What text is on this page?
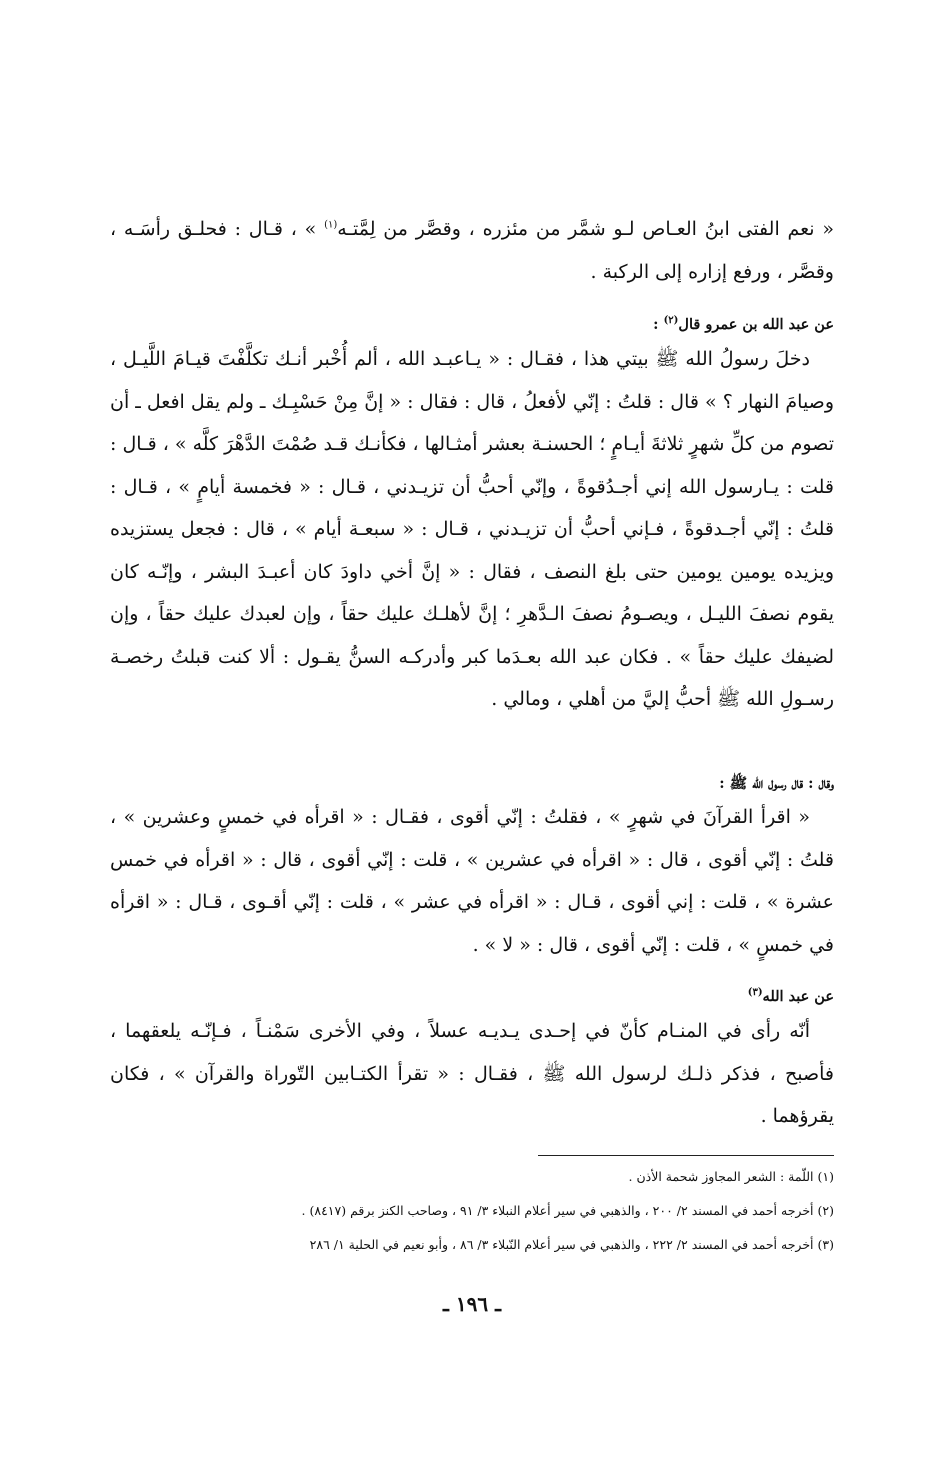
« نعم الفتى ابنُ العـاص لـو شمَّر من مئزره ، وقصَّر من لِمَّتـه$^{(١)}$ » ، قـال : فحلـق رأسَـه ، وقصَّر ، ورفع إزاره إلى الركبة .

عن عبد الله بن عمرو قال$^{(٢)}$ :

دخلَ رسولُ الله ﷺ بيتي هذا ، فقـال : « يـاعبـد الله ، ألم أُخْبر أنـك تكلَّفْتَ قيـامَ اللَّيـل ، وصيامَ النهار ؟ » قال : قلتُ : إنّي لأفعلُ ، قال : فقال : « إنَّ مِنْ حَسْبِـك ـ ولم يقل افعل ـ أن تصوم من كلِّ شهرٍ ثلاثةَ أيـامٍ ؛ الحسنـة بعشر أمثـالها ، فكأنـك قـد صُمْتَ الدَّهْرَ كلَّه » ، قـال : قلت : يـارسول الله إني أجـدُقوةً ، وإنّي أحبُّ أن تزيـدني ، قـال : « فخمسة أيامٍ » ، قـال : قلتُ : إنّي أجـدقوةً ، فـإني أحبُّ أن تزيـدني ، قـال : « سبعـة أيام » ، قال : فجعل يستزيده ويزيده يومين يومين حتى بلغ النصف ، فقال : « إنَّ أخي داودَ كان أعبـدَ البشر ، وإنّـه كان يقوم نصفَ الليـل ، ويصـومُ نصفَ الـدَّهرِ ؛ إنَّ لأهلـك عليك حقاً ، وإن لعبدك عليك حقاً ، وإن لضيفك عليك حقاً » . فكان عبد الله بعـدَما كبر وأدركـه السنُّ يقـول : ألا كنت قبلتُ رخصـة رسـولِ الله ﷺ أحبُّ إليَّ من أهلي ، ومالي .

وقال : قال رسول الله ﷺ :

« اقرأ القرآنَ في شهرٍ » ، فقلتُ : إنّي أقوى ، فقـال : « اقرأه في خمسٍ وعشرين » ، قلتُ : إنّي أقوى ، قال : « اقرأه في عشرين » ، قلت : إنّي أقوى ، قال : « اقرأه في خمس عشرة » ، قلت : إني أقوى ، قـال : « اقرأه في عشر » ، قلت : إنّي أقـوى ، قـال : « اقرأه في خمسٍ » ، قلت : إنّي أقوى ، قال : « لا » .

عن عبد الله$^{(٣)}$

أنّه رأى في المنـام كأنّ في إحـدى يـديـه عسلاً ، وفي الأخرى سَمْنـاً ، فـإنّـه يلعقهما ، فأصبح ، فذكر ذلـك لرسول الله ﷺ ، فقـال : « تقرأ الكتـابين التّوراة والقرآن » ، فكان يقرؤهما .

(١) اللّمة : الشعر المجاوز شحمة الأذن .

(٢) أخرجه أحمد في المسند ٢/ ٢٠٠ ، والذهبي في سير أعلام النبلاء ٣/ ٩١ ، وصاحب الكنز برقم (٨٤١٧) .

(٣) أخرجه أحمد في المسند ٢/ ٢٢٢ ، والذهبي في سير أعلام النّبلاء ٣/ ٨٦ ، وأبو نعيم في الحلية ١/ ٢٨٦

ـ ١٩٦ ـ
